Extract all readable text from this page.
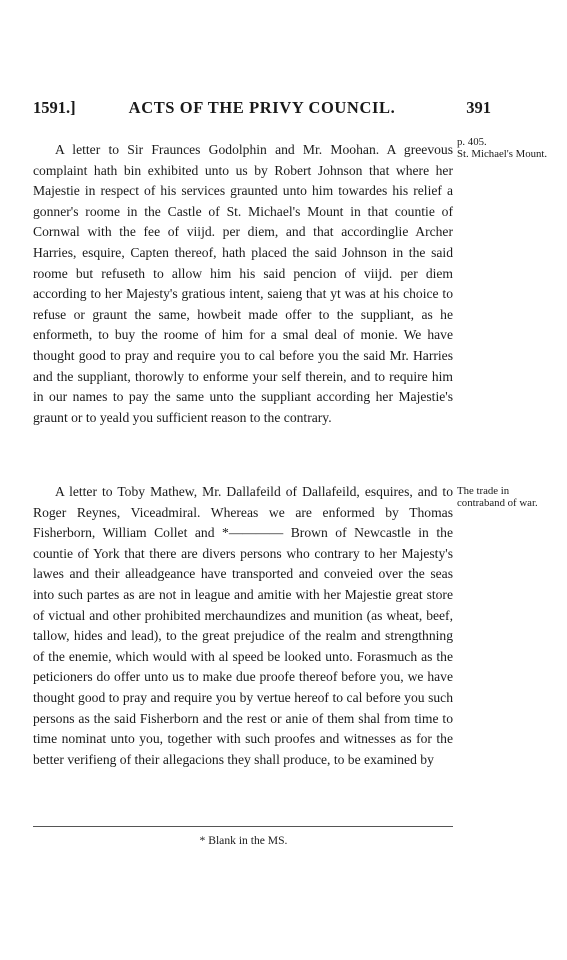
1591.]	ACTS OF THE PRIVY COUNCIL.	391
p. 405.
St. Michael's Mount.

A letter to Sir Fraunces Godolphin and Mr. Moohan. A greevous complaint hath bin exhibited unto us by Robert Johnson that where her Majestie in respect of his services graunted unto him towardes his relief a gonner's roome in the Castle of St. Michael's Mount in that countie of Cornwal with the fee of viijd. per diem, and that accordinglie Archer Harries, esquire, Capten thereof, hath placed the said Johnson in the said roome but refuseth to allow him his said pencion of viijd. per diem according to her Majesty's gratious intent, saieng that yt was at his choice to refuse or graunt the same, howbeit made offer to the suppliant, as he enformeth, to buy the roome of him for a smal deal of monie. We have thought good to pray and require you to cal before you the said Mr. Harries and the suppliant, thorowly to enforme your self therein, and to require him in our names to pay the same unto the suppliant according her Majestie's graunt or to yeald you sufficient reason to the contrary.

The trade in contraband of war.

A letter to Toby Mathew, Mr. Dallafeild of Dallafeild, esquires, and to Roger Reynes, Viceadmiral. Whereas we are enformed by Thomas Fisherborn, William Collet and *———— Brown of Newcastle in the countie of York that there are divers persons who contrary to her Majesty's lawes and their alleadgeance have transported and conveied over the seas into such partes as are not in league and amitie with her Majestie great store of victual and other prohibited merchaundizes and munition (as wheat, beef, tallow, hides and lead), to the great prejudice of the realm and strengthning of the enemie, which would with al speed be looked unto. Forasmuch as the peticioners do offer unto us to make due proofe thereof before you, we have thought good to pray and require you by vertue hereof to cal before you such persons as the said Fisherborn and the rest or anie of them shal from time to time nominat unto you, together with such proofes and witnesses as for the better verifieng of their allegacions they shall produce, to be examined by

* Blank in the MS.
